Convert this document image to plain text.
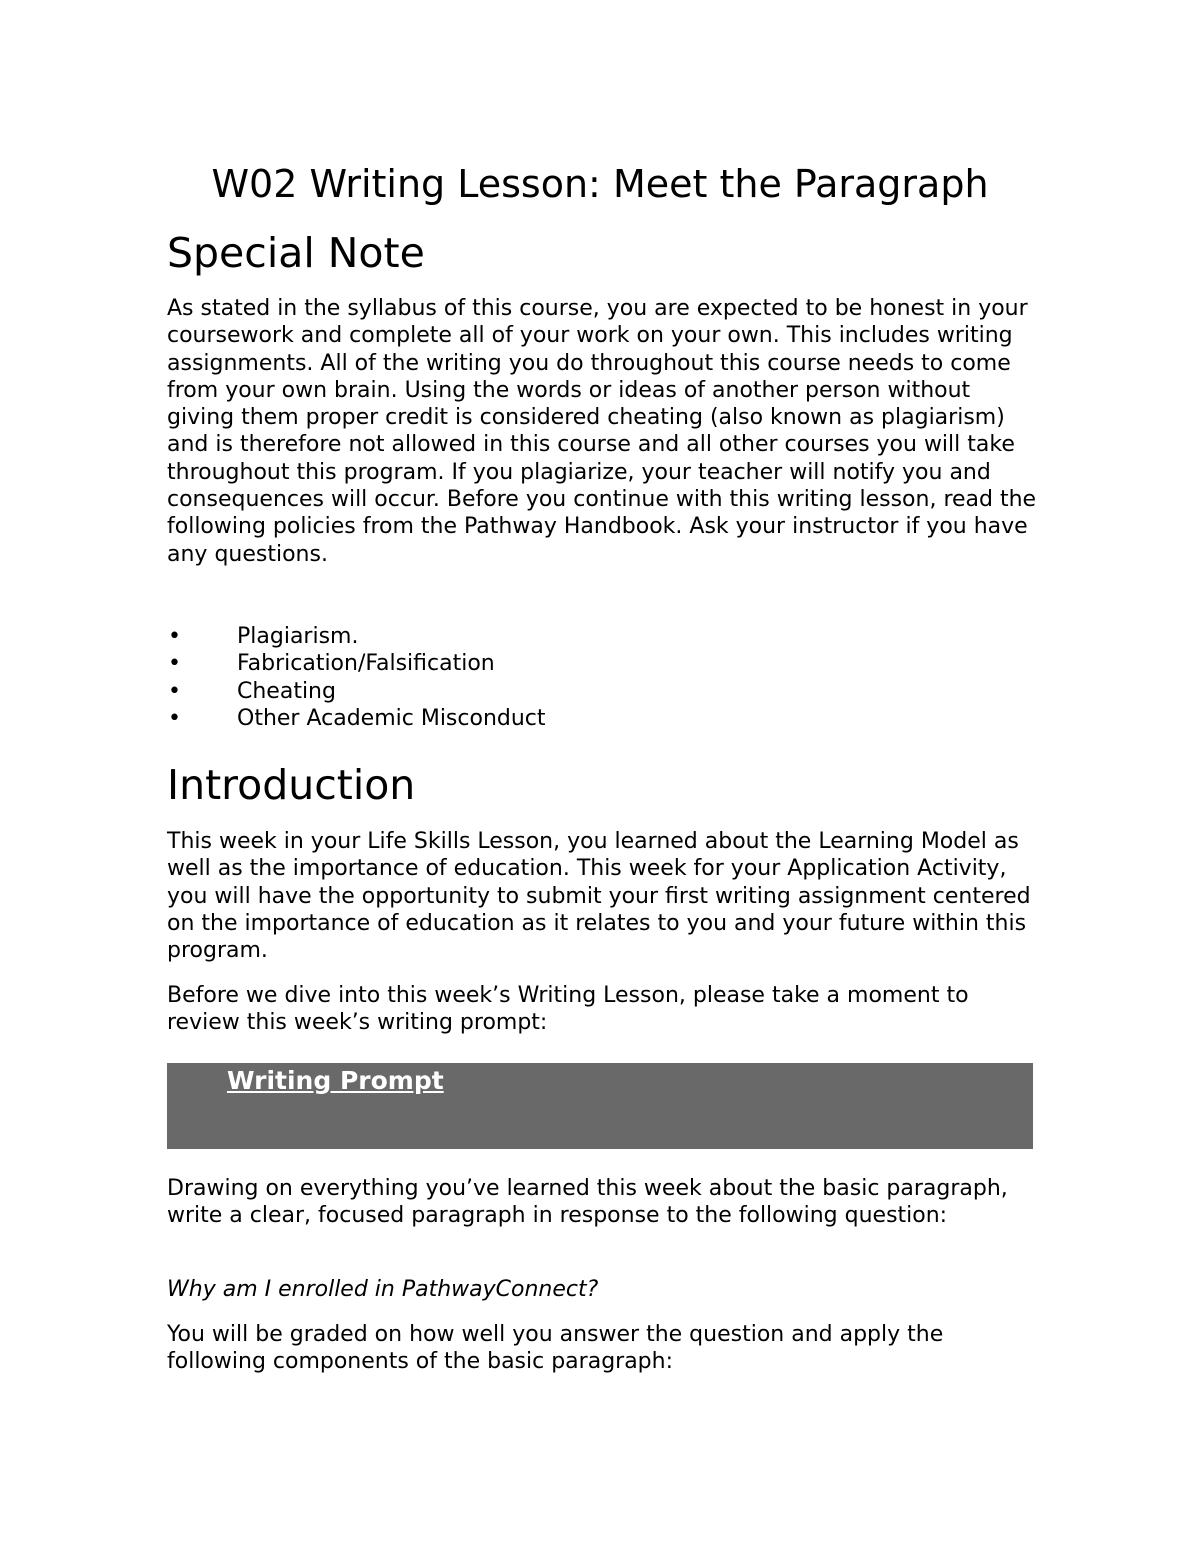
W02 Writing Lesson: Meet the Paragraph
Special Note

As stated in the syllabus of this course, you are expected to be honest in your coursework and complete all of your work on your own. This includes writing assignments. All of the writing you do throughout this course needs to come from your own brain. Using the words or ideas of another person without giving them proper credit is considered cheating (also known as plagiarism) and is therefore not allowed in this course and all other courses you will take throughout this program. If you plagiarize, your teacher will notify you and consequences will occur. Before you continue with this writing lesson, read the following policies from the Pathway Handbook. Ask your instructor if you have any questions.

•	Plagiarism.
•	Fabrication/Falsification
•	Cheating
•	Other Academic Misconduct
Introduction

This week in your Life Skills Lesson, you learned about the Learning Model as well as the importance of education. This week for your Application Activity, you will have the opportunity to submit your first writing assignment centered on the importance of education as it relates to you and your future within this program.

Before we dive into this week’s Writing Lesson, please take a moment to review this week’s writing prompt:

Writing Prompt

Drawing on everything you’ve learned this week about the basic paragraph, write a clear, focused paragraph in response to the following question:

Why am I enrolled in PathwayConnect?

You will be graded on how well you answer the question and apply the following components of the basic paragraph:
